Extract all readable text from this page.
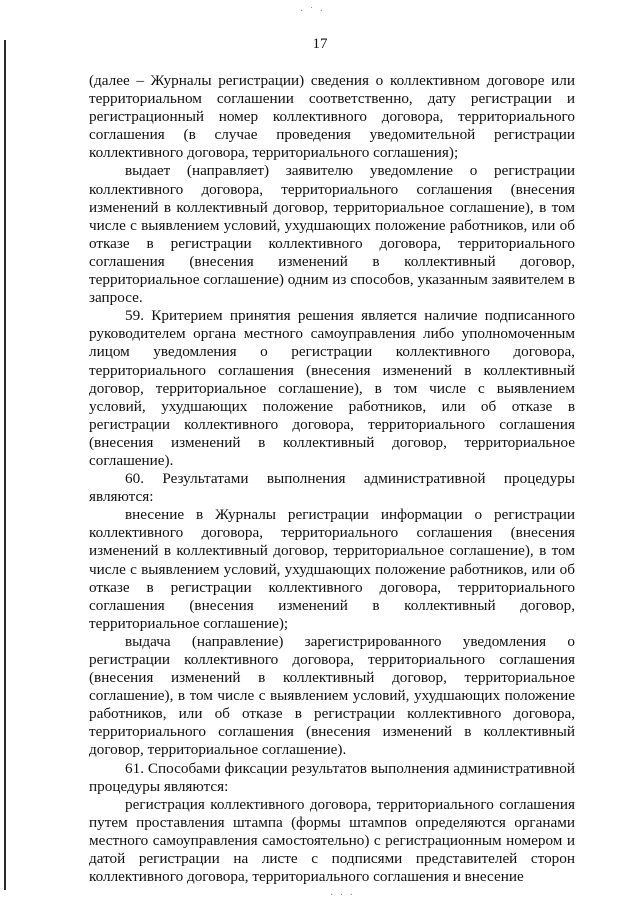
· ˙ ·
· · ·
17

(далее – Журналы регистрации) сведения о коллективном договоре или территориальном соглашении соответственно, дату регистрации и регистрационный номер коллективного договора, территориального соглашения (в случае проведения уведомительной регистрации коллективного договора, территориального соглашения);

выдает (направляет) заявителю уведомление о регистрации коллективного договора, территориального соглашения (внесения изменений в коллективный договор, территориальное соглашение), в том числе с выявлением условий, ухудшающих положение работников, или об отказе в регистрации коллективного договора, территориального соглашения (внесения изменений в коллективный договор, территориальное соглашение) одним из способов, указанным заявителем в запросе.

59. Критерием принятия решения является наличие подписанного руководителем органа местного самоуправления либо уполномоченным лицом уведомления о регистрации коллективного договора, территориального соглашения (внесения изменений в коллективный договор, территориальное соглашение), в том числе с выявлением условий, ухудшающих положение работников, или об отказе в регистрации коллективного договора, территориального соглашения (внесения изменений в коллективный договор, территориальное соглашение).

60. Результатами выполнения административной процедуры являются:

внесение в Журналы регистрации информации о регистрации коллективного договора, территориального соглашения (внесения изменений в коллективный договор, территориальное соглашение), в том числе с выявлением условий, ухудшающих положение работников, или об отказе в регистрации коллективного договора, территориального соглашения (внесения изменений в коллективный договор, территориальное соглашение);

выдача (направление) зарегистрированного уведомления о регистрации коллективного договора, территориального соглашения (внесения изменений в коллективный договор, территориальное соглашение), в том числе с выявлением условий, ухудшающих положение работников, или об отказе в регистрации коллективного договора, территориального соглашения (внесения изменений в коллективный договор, территориальное соглашение).

61. Способами фиксации результатов выполнения административной процедуры являются:

регистрация коллективного договора, территориального соглашения путем проставления штампа (формы штампов определяются органами местного самоуправления самостоятельно) с регистрационным номером и датой регистрации на листе с подписями представителей сторон коллективного договора, территориального соглашения и внесение
